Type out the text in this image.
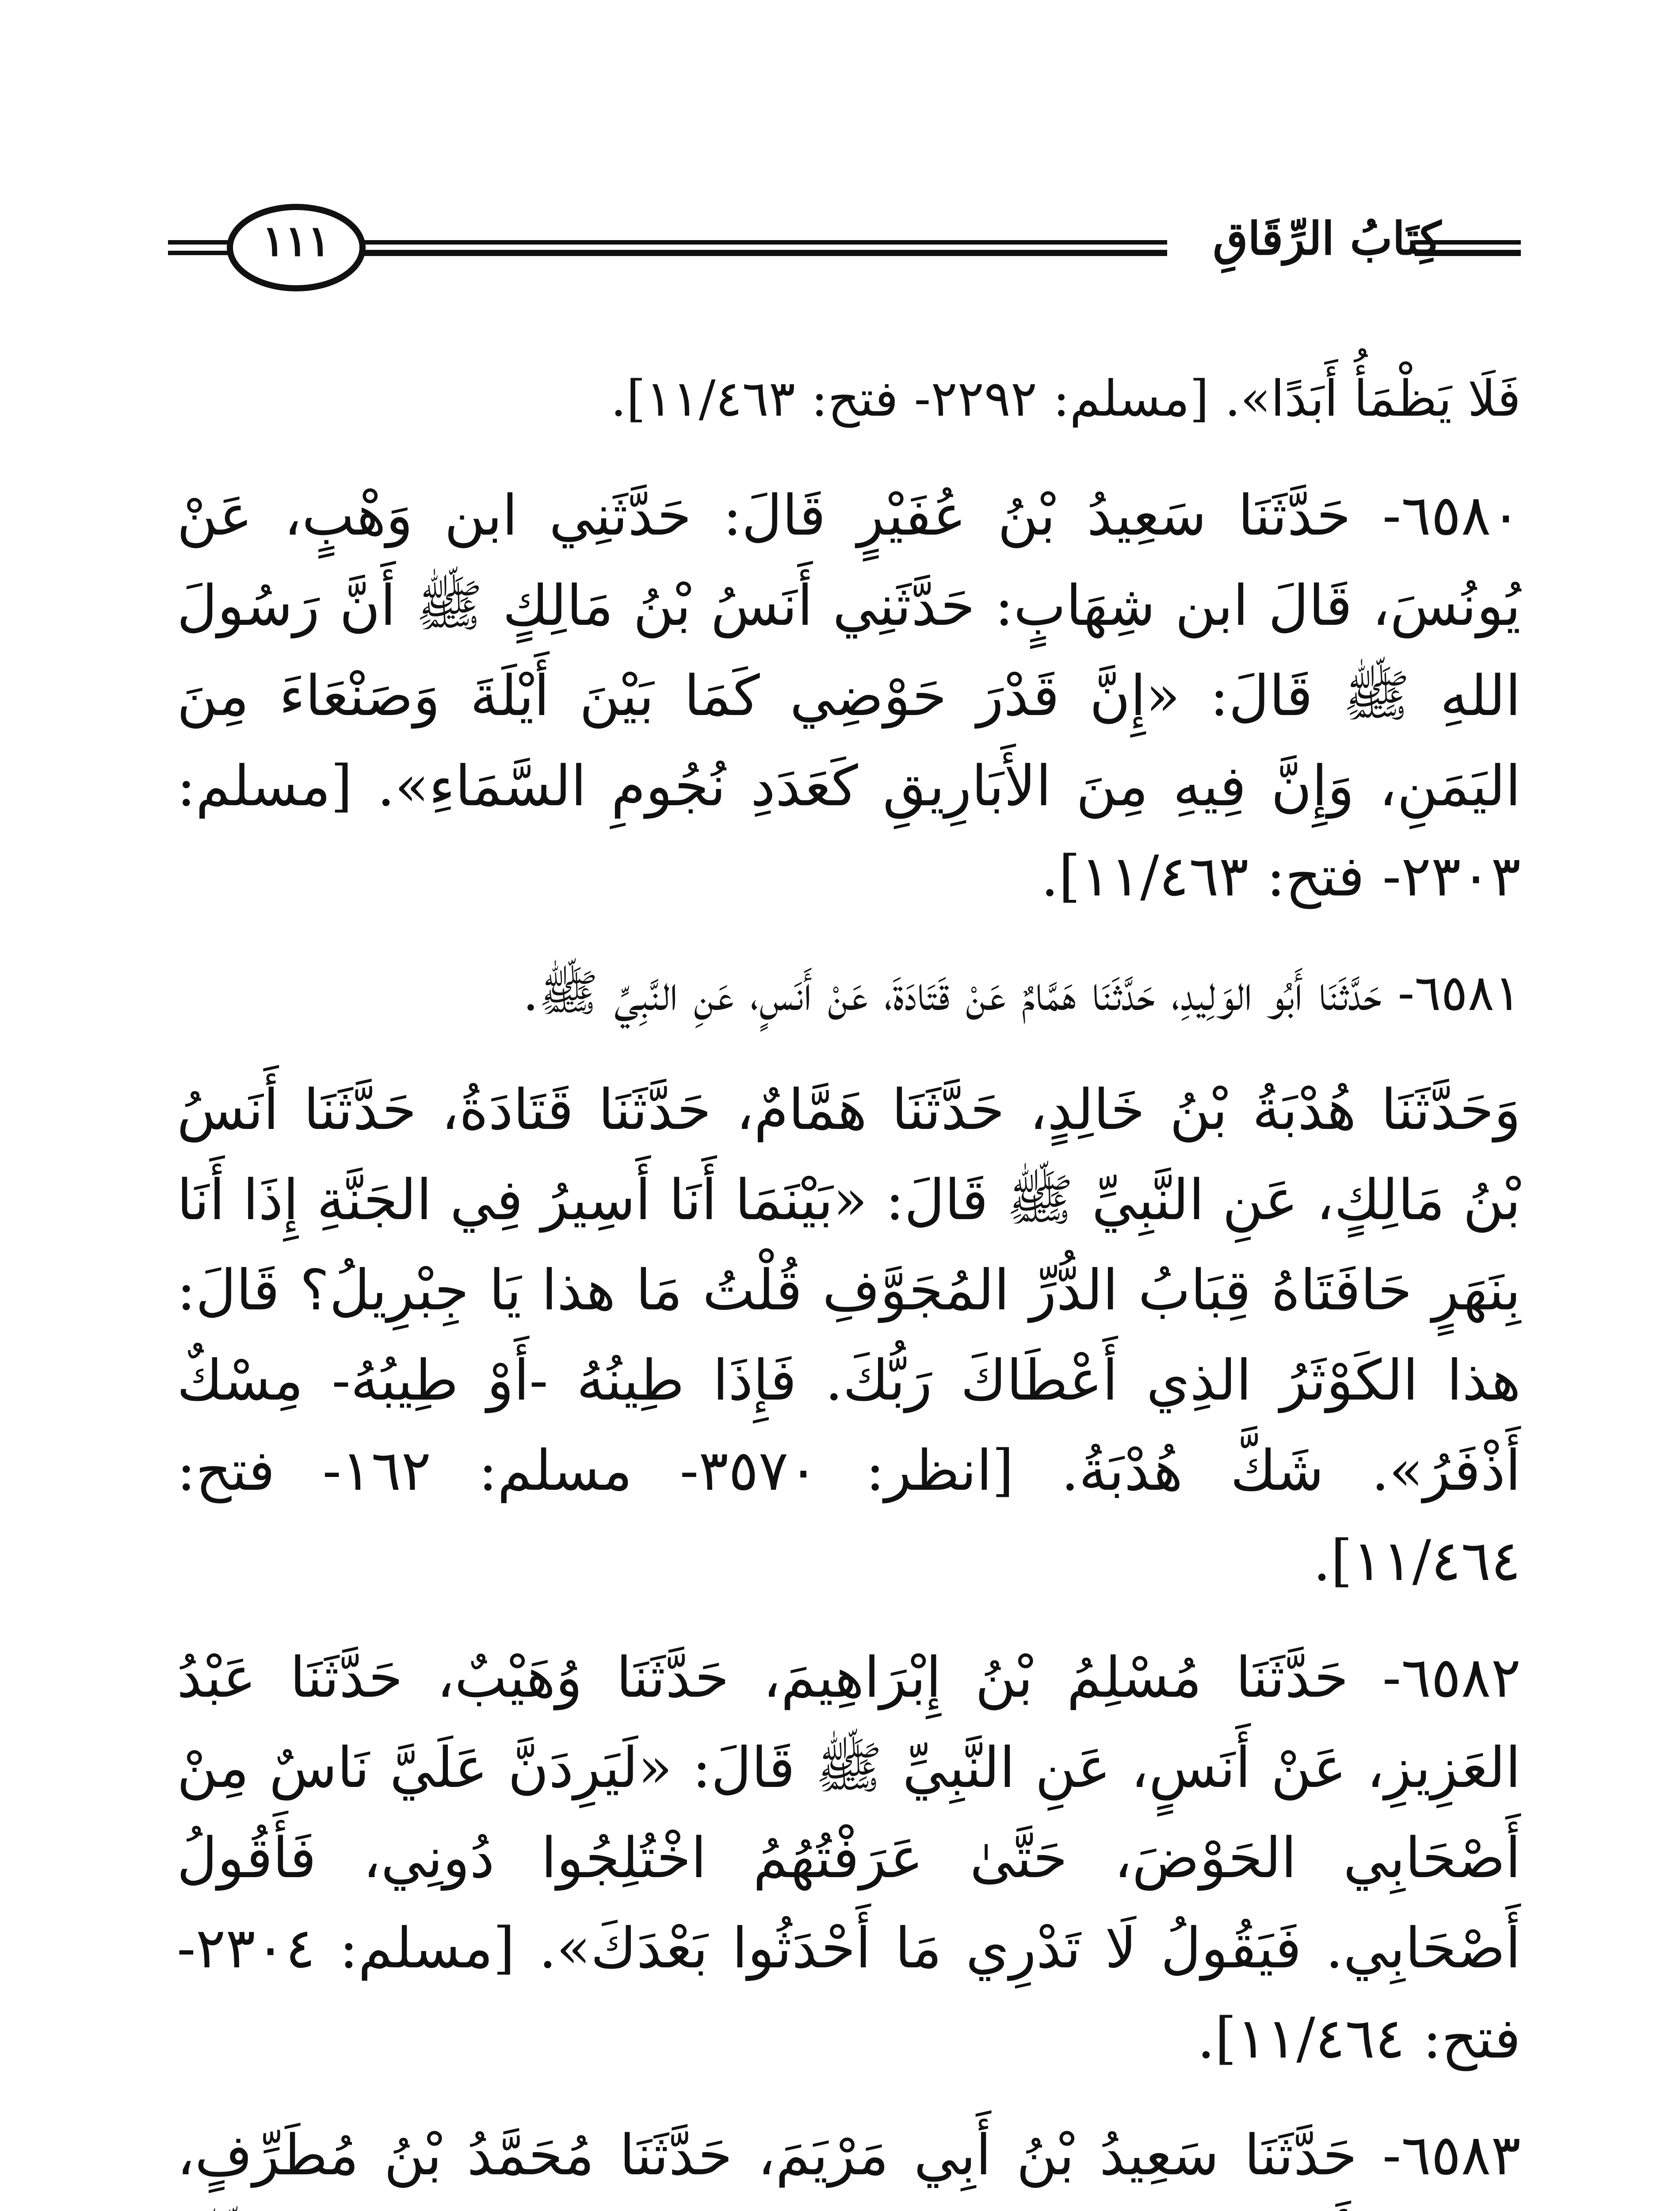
١١١	كِتَابُ الرِّقَاقِ

فَلَا يَظْمَأُ أَبَدًا». [مسلم: ٢٢٩٢- فتح: ١١/٤٦٣].

٦٥٨٠- حَدَّثَنَا سَعِيدُ بْنُ عُفَيْرٍ قَالَ: حَدَّثَنِي ابن وَهْبٍ، عَنْ يُونُسَ، قَالَ ابن شِهَابٍ: حَدَّثَنِي أَنَسُ بْنُ مَالِكٍ ﷺ أَنَّ رَسُولَ اللهِ ﷺ قَالَ: «إِنَّ قَدْرَ حَوْضِي كَمَا بَيْنَ أَيْلَةَ وَصَنْعَاءَ مِنَ اليَمَنِ، وَإِنَّ فِيهِ مِنَ الأَبَارِيقِ كَعَدَدِ نُجُومِ السَّمَاءِ». [مسلم: ٢٣٠٣- فتح: ١١/٤٦٣].

٦٥٨١- حَدَّثَنَا أَبُو الوَلِيدِ، حَدَّثَنَا هَمَّامٌ عَنْ قَتَادَةَ، عَنْ أَنَسٍ، عَنِ النَّبِيِّ ﷺ.

وَحَدَّثَنَا هُدْبَةُ بْنُ خَالِدٍ، حَدَّثَنَا هَمَّامٌ، حَدَّثَنَا قَتَادَةُ، حَدَّثَنَا أَنَسُ بْنُ مَالِكٍ، عَنِ النَّبِيِّ ﷺ قَالَ: «بَيْنَمَا أَنَا أَسِيرُ فِي الجَنَّةِ إِذَا أَنَا بِنَهَرٍ حَافَتَاهُ قِبَابُ الدُّرِّ المُجَوَّفِ قُلْتُ مَا هذا يَا جِبْرِيلُ؟ قَالَ: هذا الكَوْثَرُ الذِي أَعْطَاكَ رَبُّكَ. فَإِذَا طِينُهُ -أَوْ طِيبُهُ- مِسْكٌ أَذْفَرُ». شَكَّ هُدْبَةُ. [انظر: ٣٥٧٠- مسلم: ١٦٢- فتح: ١١/٤٦٤].

٦٥٨٢- حَدَّثَنَا مُسْلِمُ بْنُ إِبْرَاهِيمَ، حَدَّثَنَا وُهَيْبٌ، حَدَّثَنَا عَبْدُ العَزِيزِ، عَنْ أَنَسٍ، عَنِ النَّبِيِّ ﷺ قَالَ: «لَيَرِدَنَّ عَلَيَّ نَاسٌ مِنْ أَصْحَابِي الحَوْضَ، حَتَّىٰ عَرَفْتُهُمُ اخْتُلِجُوا دُونِي، فَأَقُولُ أَصْحَابِي. فَيَقُولُ لَا تَدْرِي مَا أَحْدَثُوا بَعْدَكَ». [مسلم: ٢٣٠٤- فتح: ١١/٤٦٤].

٦٥٨٣- حَدَّثَنَا سَعِيدُ بْنُ أَبِي مَرْيَمَ، حَدَّثَنَا مُحَمَّدُ بْنُ مُطَرِّفٍ،
